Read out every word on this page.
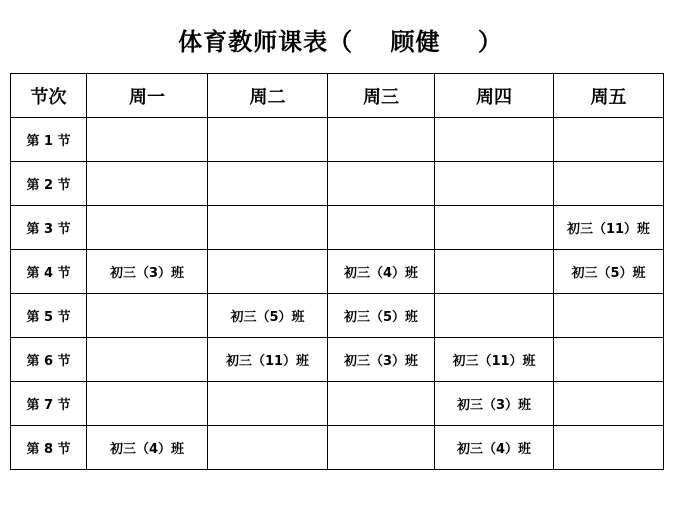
体育教师课表（    顾健    ）
节次	周一	周二	周三	周四	周五
第 1 节					
第 2 节					
第 3 节					初三（11）班
第 4 节	初三（3）班		初三（4）班		初三（5）班
第 5 节		初三（5）班	初三（5）班		
第 6 节		初三（11）班	初三（3）班	初三（11）班	
第 7 节				初三（3）班	
第 8 节	初三（4）班			初三（4）班	
